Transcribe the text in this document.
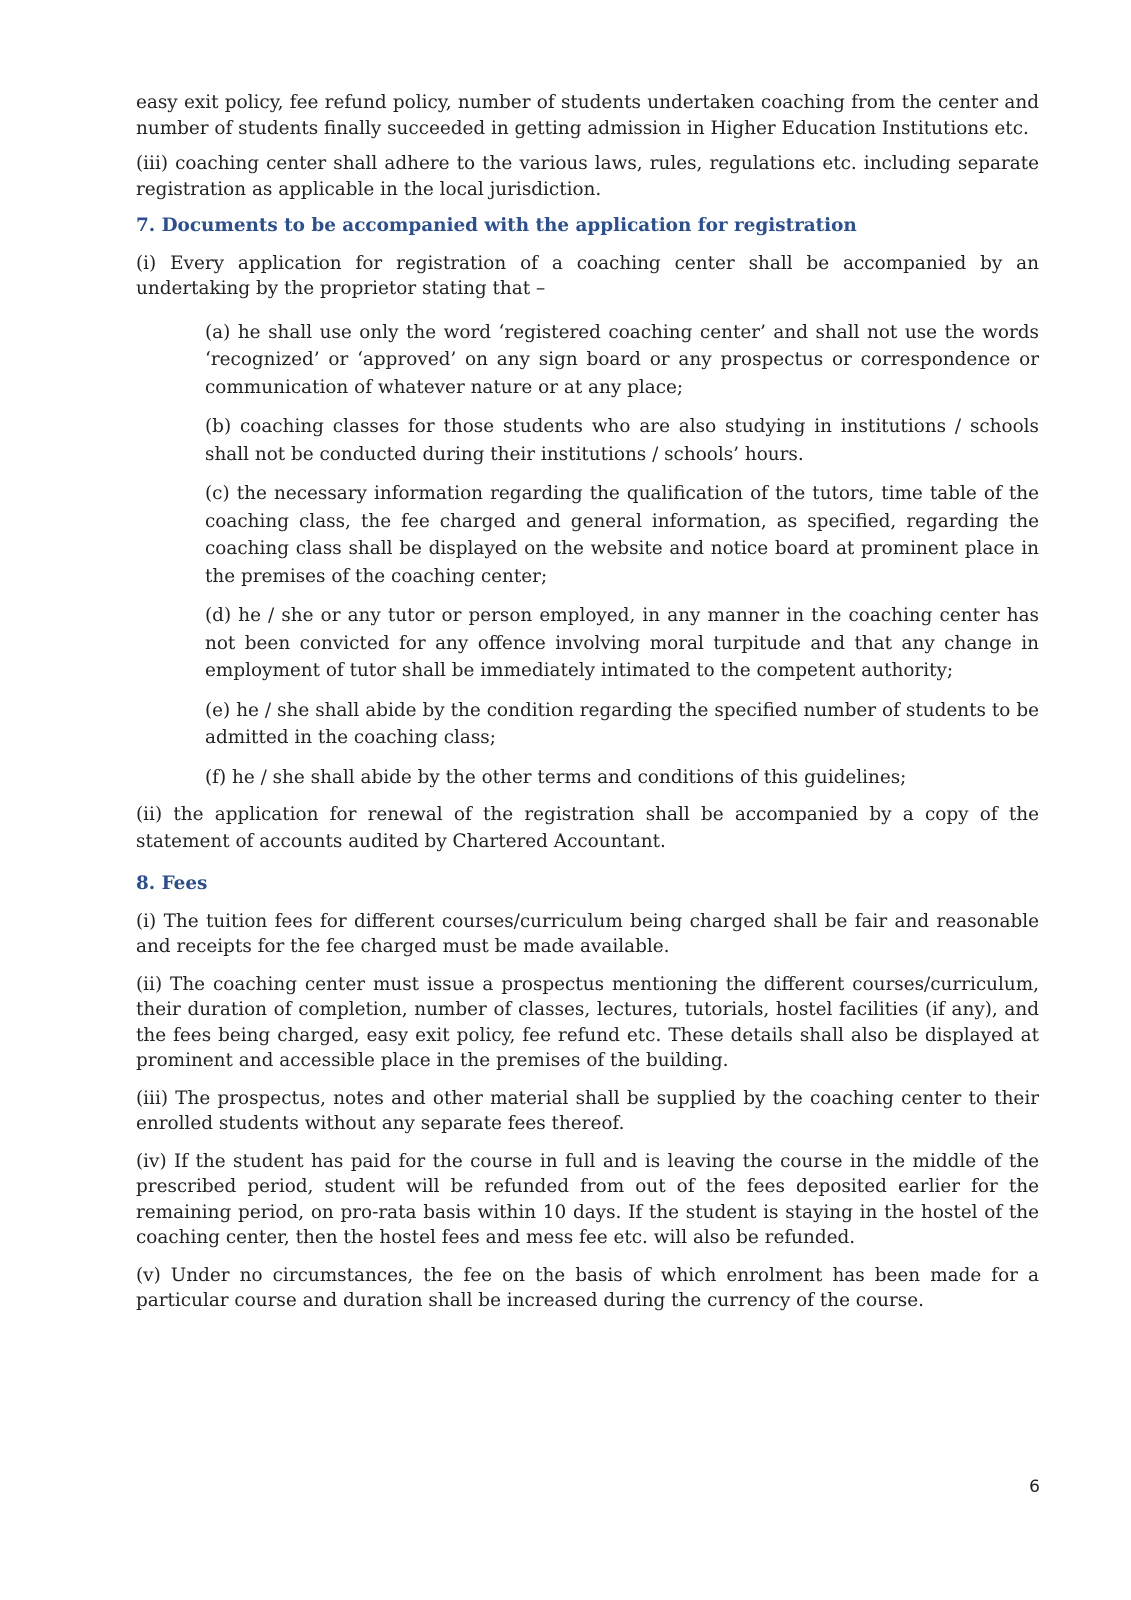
easy exit policy, fee refund policy, number of students undertaken coaching from the center and number of students finally succeeded in getting admission in Higher Education Institutions etc.

(iii) coaching center shall adhere to the various laws, rules, regulations etc. including separate registration as applicable in the local jurisdiction.

7. Documents to be accompanied with the application for registration

(i) Every application for registration of a coaching center shall be accompanied by an undertaking by the proprietor stating that –

(a) he shall use only the word ‘registered coaching center’ and shall not use the words ‘recognized’ or ‘approved’ on any sign board or any prospectus or correspondence or communication of whatever nature or at any place;

(b) coaching classes for those students who are also studying in institutions / schools shall not be conducted during their institutions / schools’ hours.

(c) the necessary information regarding the qualification of the tutors, time table of the coaching class, the fee charged and general information, as specified, regarding the coaching class shall be displayed on the website and notice board at prominent place in the premises of the coaching center;

(d) he / she or any tutor or person employed, in any manner in the coaching center has not been convicted for any offence involving moral turpitude and that any change in employment of tutor shall be immediately intimated to the competent authority;

(e) he / she shall abide by the condition regarding the specified number of students to be admitted in the coaching class;

(f) he / she shall abide by the other terms and conditions of this guidelines;

(ii) the application for renewal of the registration shall be accompanied by a copy of the statement of accounts audited by Chartered Accountant.

8. Fees

(i) The tuition fees for different courses/curriculum being charged shall be fair and reasonable and receipts for the fee charged must be made available.

(ii) The coaching center must issue a prospectus mentioning the different courses/curriculum, their duration of completion, number of classes, lectures, tutorials, hostel facilities (if any), and the fees being charged, easy exit policy, fee refund etc. These details shall also be displayed at prominent and accessible place in the premises of the building.

(iii) The prospectus, notes and other material shall be supplied by the coaching center to their enrolled students without any separate fees thereof.

(iv) If the student has paid for the course in full and is leaving the course in the middle of the prescribed period, student will be refunded from out of the fees deposited earlier for the remaining period, on pro-rata basis within 10 days. If the student is staying in the hostel of the coaching center, then the hostel fees and mess fee etc. will also be refunded.

(v) Under no circumstances, the fee on the basis of which enrolment has been made for a particular course and duration shall be increased during the currency of the course.

6
